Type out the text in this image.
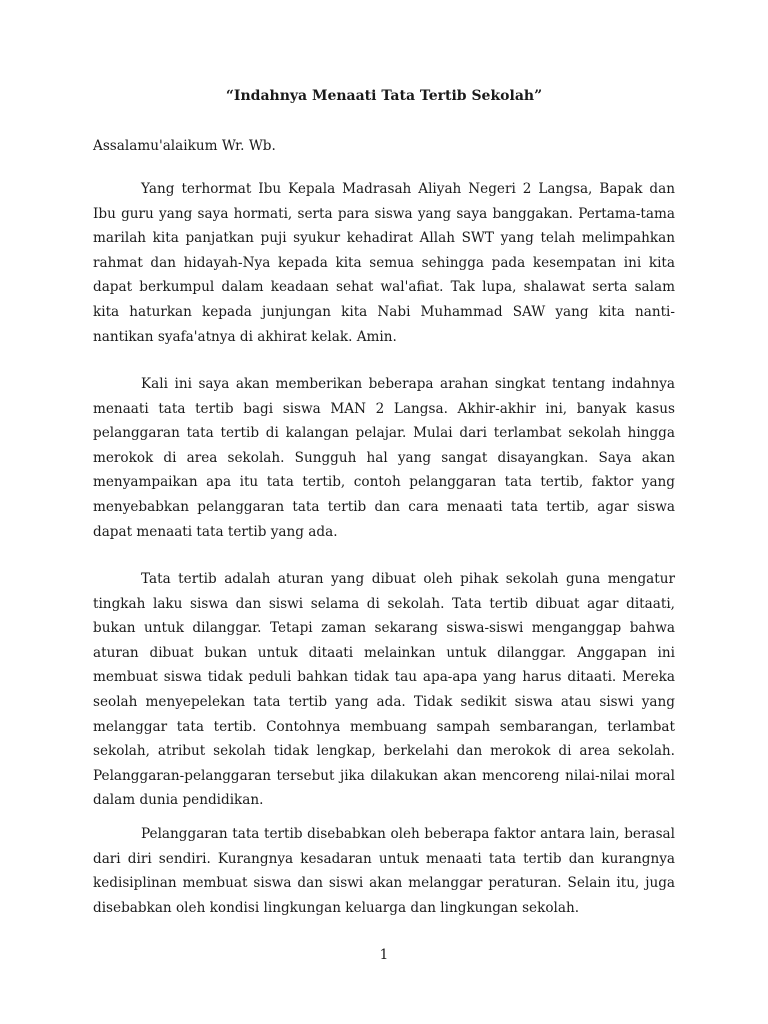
“Indahnya Menaati Tata Tertib Sekolah”
Assalamu'alaikum Wr. Wb.

Yang terhormat Ibu Kepala Madrasah Aliyah Negeri 2 Langsa, Bapak dan Ibu guru yang saya hormati, serta para siswa yang saya banggakan. Pertama-tama marilah kita panjatkan puji syukur kehadirat Allah SWT yang telah melimpahkan rahmat dan hidayah-Nya kepada kita semua sehingga pada kesempatan ini kita dapat berkumpul dalam keadaan sehat wal'afiat. Tak lupa, shalawat serta salam kita haturkan kepada junjungan kita Nabi Muhammad SAW yang kita nanti-nantikan syafa'atnya di akhirat kelak. Amin.

Kali ini saya akan memberikan beberapa arahan singkat tentang indahnya menaati tata tertib bagi siswa MAN 2 Langsa. Akhir-akhir ini, banyak kasus pelanggaran tata tertib di kalangan pelajar. Mulai dari terlambat sekolah hingga merokok di area sekolah. Sungguh hal yang sangat disayangkan. Saya akan menyampaikan apa itu tata tertib, contoh pelanggaran tata tertib, faktor yang menyebabkan pelanggaran tata tertib dan cara menaati tata tertib, agar siswa dapat menaati tata tertib yang ada.

Tata tertib adalah aturan yang dibuat oleh pihak sekolah guna mengatur tingkah laku siswa dan siswi selama di sekolah. Tata tertib dibuat agar ditaati, bukan untuk dilanggar. Tetapi zaman sekarang siswa-siswi menganggap bahwa aturan dibuat bukan untuk ditaati melainkan untuk dilanggar. Anggapan ini membuat siswa tidak peduli bahkan tidak tau apa-apa yang harus ditaati. Mereka seolah menyepelekan tata tertib yang ada. Tidak sedikit siswa atau siswi yang melanggar tata tertib. Contohnya membuang sampah sembarangan, terlambat sekolah, atribut sekolah tidak lengkap, berkelahi dan merokok di area sekolah. Pelanggaran-pelanggaran tersebut jika dilakukan akan mencoreng nilai-nilai moral dalam dunia pendidikan.

Pelanggaran tata tertib disebabkan oleh beberapa faktor antara lain, berasal dari diri sendiri. Kurangnya kesadaran untuk menaati tata tertib dan kurangnya kedisiplinan membuat siswa dan siswi akan melanggar peraturan. Selain itu, juga disebabkan oleh kondisi lingkungan keluarga dan lingkungan sekolah.

1
